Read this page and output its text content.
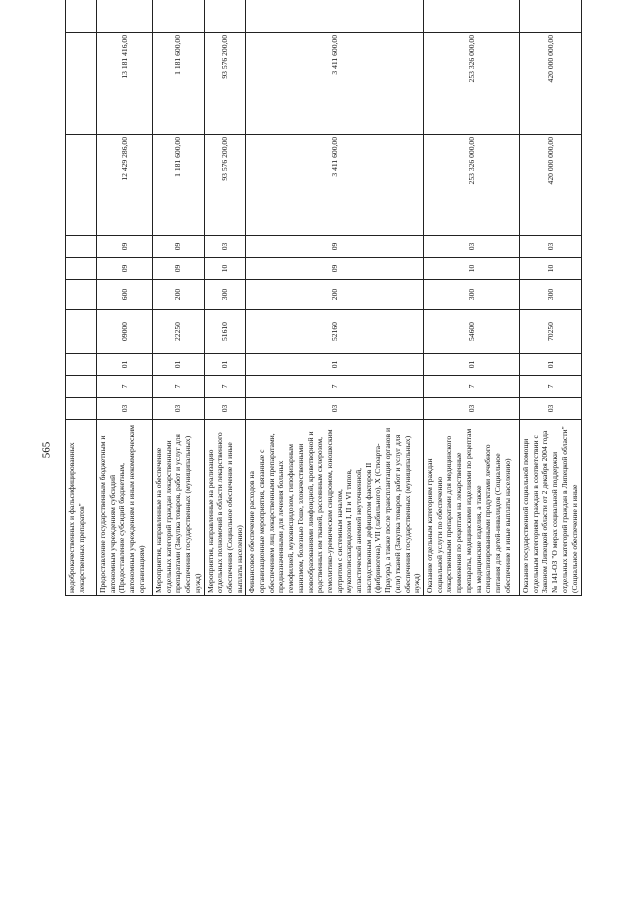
565 недоброкачественных и фальсифицированных лекарственных препаратов"										
Предоставление государственным бюджетным и автономным учреждениям субсидий (Предоставление субсидий бюджетным, автономным учреждениям и иным некоммерческим организациям)	03	7	01	09000	600	09	09	12 429 286,00	13 181 416,00	
Мероприятия, направленные на обеспечение отдельных категорий граждан лекарственными препаратами (Закупка товаров, работ и услуг для обеспечения государственных (муниципальных) нужд)	03	7	01	22250	200	09	09	1 181 600,00	1 181 600,00	
Мероприятия, направленные на реализацию отдельных полномочий в области лекарственного обеспечения (Социальное обеспечение и иные выплаты населению)	03	7	01	51610	300	10	03	93 576 200,00	93 576 200,00	
Финансовое обеспечение расходов на организационные мероприятия, связанные с обеспечением лиц лекарственными препаратами, предназначенными для лечения больных гемофилией, муковисцидозом, гипофизарным нанизмом, болезнью Гоше, злокачественными новообразованиями лимфоидной, кроветворной и родственных им тканей, рассеянным склерозом, гемолитико-уремическим синдромом, юношеским артритом с системным началом, мукополисахаридозом I, II и VI типов, апластической анемией неуточненной, наследственным дефицитом факторов II (фибриногена), VII (лабильного), X (Стюарта-Прауэра), а также после трансплантации органов и (или) тканей (Закупка товаров, работ и услуг для обеспечения государственных (муниципальных) нужд)	03	7	01	52160	200	09	09	3 411 600,00	3 411 600,00	
Оказание отдельным категориям граждан социальной услуги по обеспечению лекарственными препаратами для медицинского применения по рецептам на лекарственные препараты, медицинскими изделиями по рецептам на медицинские изделия, а также специализированными продуктами лечебного питания для детей-инвалидов (Социальное обеспечение и иные выплаты населению)	03	7	01	54600	300	10	03	253 326 000,00	253 326 000,00	
Оказание государственной социальной помощи отдельным категориям граждан в соответствии с Законом Липецкой области от 2 декабря 2004 года № 141-ОЗ "О мерах социальной поддержки отдельных категорий граждан в Липецкой области" (Социальное обеспечение и иные	03	7	01	70250	300	10	03	420 000 000,00	420 000 000,00	
